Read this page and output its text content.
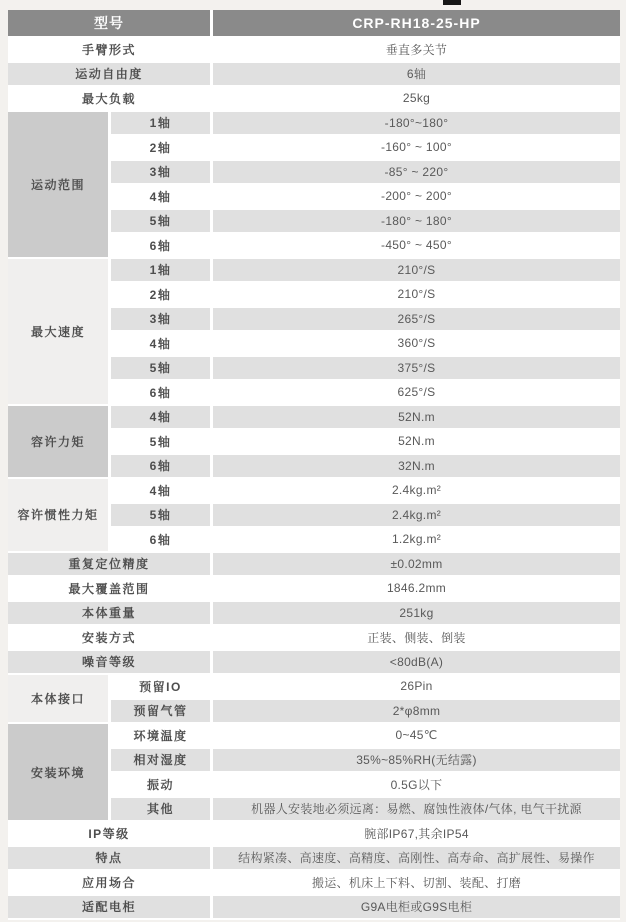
型号		CRP-RH18-25-HP
手臂形式		垂直多关节
运动自由度		6轴
最大负载		25kg
运动范围	1轴	-180°~180°
	2轴	-160° ~ 100°
	3轴	-85° ~ 220°
	4轴	-200° ~ 200°
	5轴	-180° ~ 180°
	6轴	-450° ~ 450°
最大速度	1轴	210°/S
	2轴	210°/S
	3轴	265°/S
	4轴	360°/S
	5轴	375°/S
	6轴	625°/S
容许力矩	4轴	52N.m
	5轴	52N.m
	6轴	32N.m
容许惯性力矩	4轴	2.4kg.m²
	5轴	2.4kg.m²
	6轴	1.2kg.m²
重复定位精度		±0.02mm
最大覆盖范围		1846.2mm
本体重量		251kg
安装方式		正装、侧装、倒装
噪音等级		<80dB(A)
本体接口	预留IO	26Pin
	预留气管	2*φ8mm
安装环境	环境温度	0~45℃
	相对湿度	35%~85%RH(无结露)
	振动	0.5G以下
	其他	机器人安装地必须远离：易燃、腐蚀性液体/气体, 电气干扰源
IP等级		腕部IP67,其余IP54
特点		结构紧凑、高速度、高精度、高刚性、高寿命、高扩展性、易操作
应用场合		搬运、机床上下料、切割、装配、打磨
适配电柜		G9A电柜或G9S电柜
